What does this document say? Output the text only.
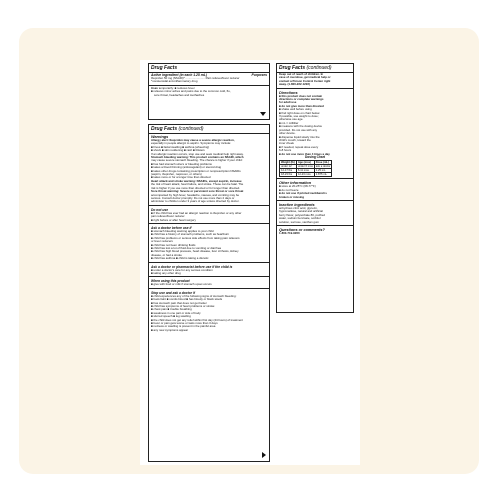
Drug Facts
Active ingredient (in each 1.25 mL)	Purposes
Ibuprofen 50 mg (NSAID)* ........................ Pain reliever/fever reducer
*nonsteroidal anti-inflammatory drug
Uses temporarily: ■ reduces fever
■ relieves minor aches and pains due to the common cold, flu,
sore throat, headaches and toothaches
Drug Facts (continued)
Warnings
Allergy alert: Ibuprofen may cause a severe allergic reaction,
especially in people allergic to aspirin. Symptoms may include:
■ hives ■ facial swelling ■ asthma (wheezing)
■ shock ■ skin reddening ■ rash ■ blisters
If an allergic reaction occurs, stop use and seek medical help right away.
Stomach bleeding warning: This product contains an NSAID, which
may cause severe stomach bleeding. The chance is higher if your child:
■ has had stomach ulcers or bleeding problems
■ takes a blood thinning (anticoagulant) or steroid drug
■ takes other drugs containing prescription or nonprescription NSAIDs
(aspirin, ibuprofen, naproxen, or others)
■ takes more or for a longer time than directed
Heart attack and stroke warning: NSAIDs, except aspirin, increase
the risk of heart attack, heart failure, and stroke. These can be fatal. The
risk is higher if you use more than directed or for longer than directed.
Sore throat warning: Severe or persistent sore throat or sore throat
accompanied by high fever, headache, nausea, and vomiting may be
serious. Consult doctor promptly. Do not use more than 2 days or
administer to children under 3 years of age unless directed by doctor.
Do not use
■ if the child has ever had an allergic reaction to ibuprofen or any other
pain reliever/fever reducer
■ right before or after heart surgery
Ask a doctor before use if
■ stomach bleeding warning applies to your child
■ child has a history of stomach problems, such as heartburn
■ child has problems or serious side effects from taking pain relievers
or fever reducers
■ child has not been drinking fluids
■ child has lost a lot of fluid due to vomiting or diarrhea
■ child has high blood pressure, heart disease, liver cirrhosis, kidney
disease, or had a stroke
■ child has asthma ■ child is taking a diuretic
Ask a doctor or pharmacist before use if the child is
■ under a doctor's care for any serious condition
■ taking any other drug
When using this product
■ give with food or milk if stomach upset occurs
Stop use and ask a doctor if
■ child experiences any of the following signs of stomach bleeding:
■ feels faint ■ vomits blood ■ has bloody or black stools
■ has stomach pain that does not get better
■ child has symptoms of heart problems or stroke:
■ chest pain ■ trouble breathing
■ weakness in one part or side of body
■ slurred speech ■ leg swelling
■ the child does not get any relief within first day (24 hours) of treatment
■ fever or pain gets worse or lasts more than 3 days
■ redness or swelling is present in the painful area
■ any new symptoms appear
Drug Facts (continued)
Keep out of reach of children. In
case of overdose, get medical help or
contact a Poison Control Center right
away. (1-800-222-1222)
Directions
■ this product does not contain
directions or complete warnings
for adult use
■ do not give more than directed
■ shake well before using
■ find right dose on chart below.
If possible, use weight to dose;
otherwise use age.
■ mL = milliliter
■ measure with the dosing device
provided. Do not use with any
other device.
■ dispense liquid slowly into the
child's mouth, toward the
inner cheek
■ if needed, repeat dose every
6-8 hours
■ do not use more than 4 times a day
Dosing Chart
Weight (lb)	Age (mos)	Dose (mL)
under 12	under 6 mos	ask a doctor
12-17 lbs	6-11 mos	1.25 mL
18-23 lbs	12-23 mos	1.875 mL
Other information
■ store at 20-25°C (68-77°F)
■ do not freeze
■ do not use if printed neckband is
broken or missing
Inactive ingredients
anhydrous citric acid, glycerin,
hypromellose, natural and artificial
berry flavor, polysorbate 80, purified
water, sodium benzoate, sorbitol
solution, sucrose, xanthan gum
Questions or comments?
1-800-719-9260
